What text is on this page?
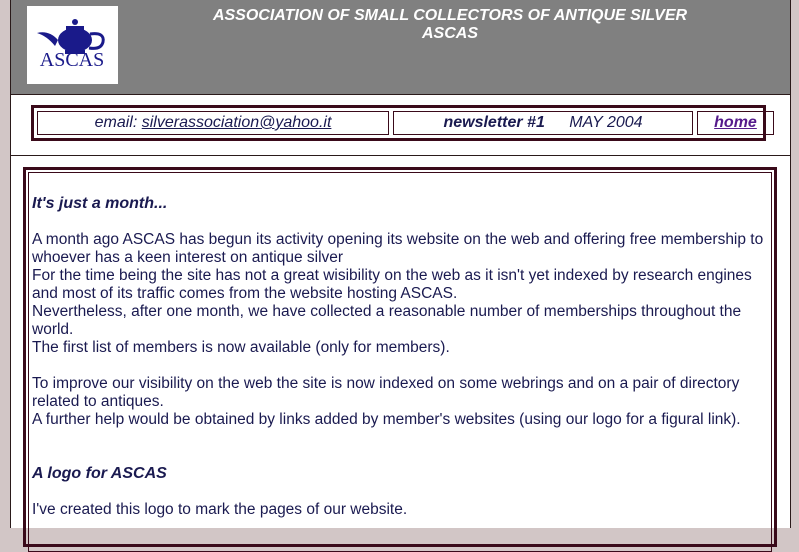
ASCAS
ASSOCIATION OF SMALL COLLECTORS OF ANTIQUE SILVER
ASCAS
email: silverassociation@yahoo.it	newsletter #1 MAY 2004	home
It's just a month...

A month ago ASCAS has begun its activity opening its website on the web and offering free membership to whoever has a keen interest on antique silver

For the time being the site has not a great wisibility on the web as it isn't yet indexed by research engines and most of its traffic comes from the website hosting ASCAS.

Nevertheless, after one month, we have collected a reasonable number of memberships throughout the world.

The first list of members is now available (only for members).

To improve our visibility on the web the site is now indexed on some webrings and on a pair of directory related to antiques.

A further help would be obtained by links added by member's websites (using our logo for a figural link).

A logo for ASCAS

I've created this logo to mark the pages of our website.
